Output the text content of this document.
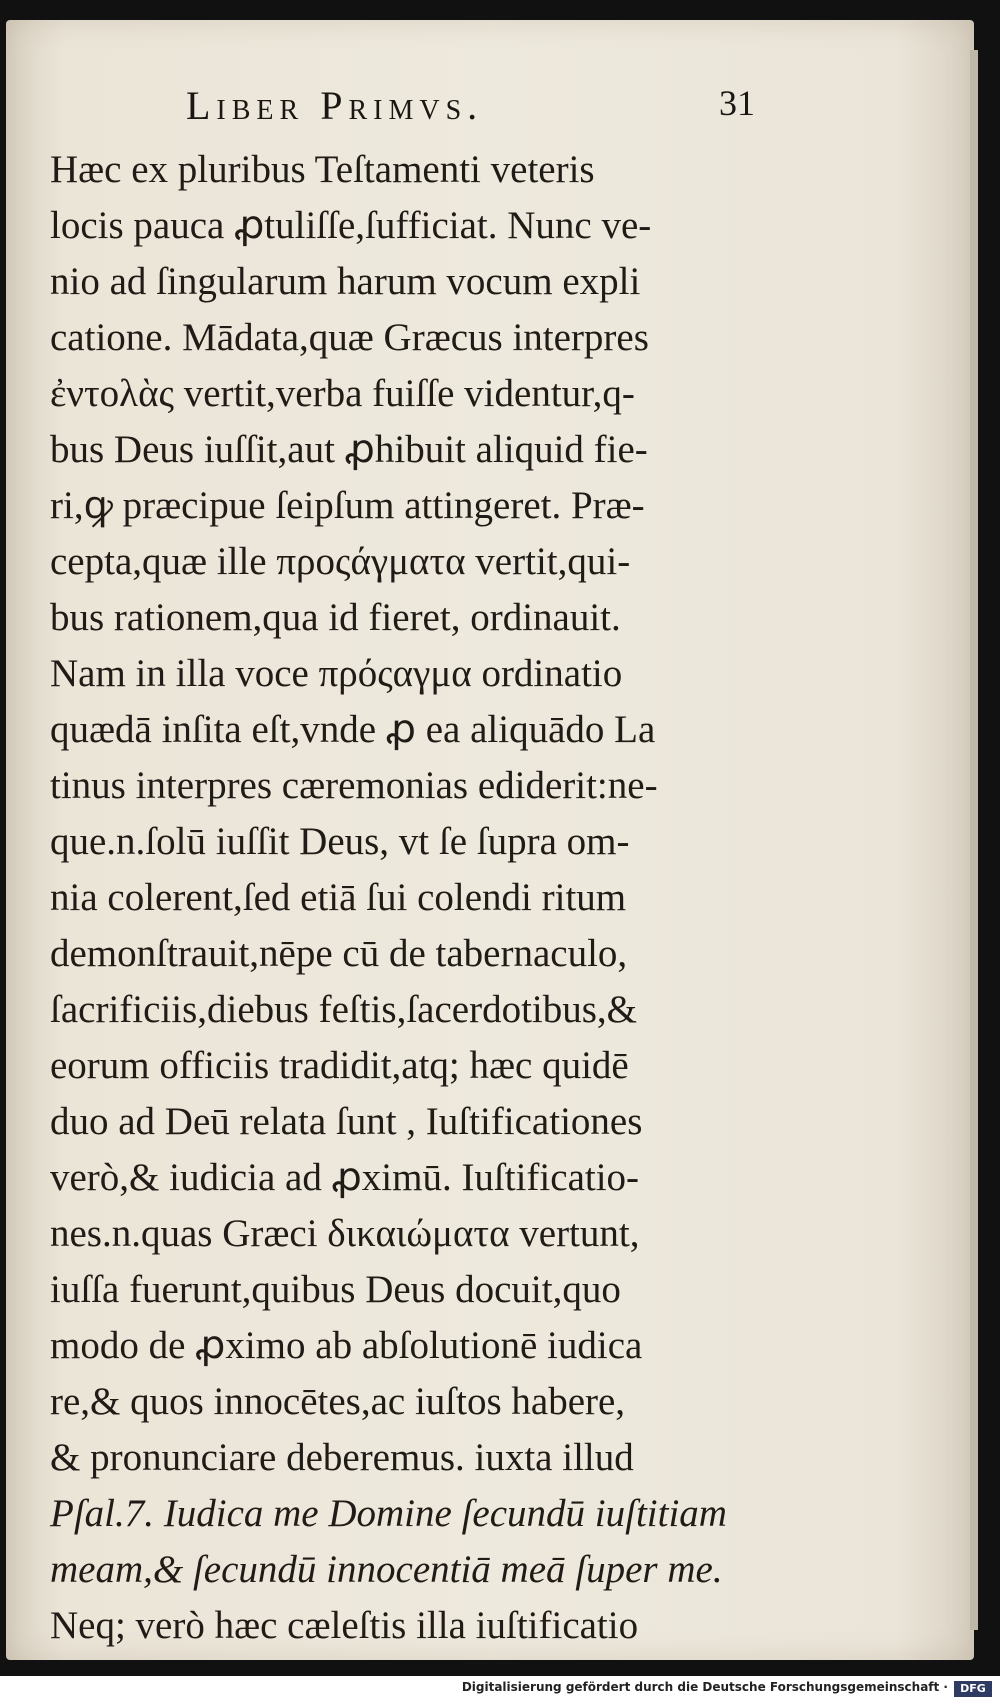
Liber Primvs.	31
Hæc ex pluribus Teſtamenti veteris
locis pauca ꝓtuliſſe,ſufficiat. Nunc ve-
nio ad ſingularum harum vocum expli
catione. Mādata,quæ Græcus interpres
ἐντολὰς vertit,verba fuiſſe videntur,q-
bus Deus iuſſit,aut ꝓhibuit aliquid fie-
ri,ꝙ præcipue ſeipſum attingeret. Præ-
cepta,quæ ille προςάγματα vertit,qui-
bus rationem,qua id fieret, ordinauit.
Nam in illa voce πρόςαγμα ordinatio
quædā inſita eſt,vnde ꝓ ea aliquādo La
tinus interpres cæremonias ediderit:ne-
que.n.ſolū iuſſit Deus, vt ſe ſupra om-
nia colerent,ſed etiā ſui colendi ritum
demonſtrauit,nēpe cū de tabernaculo,
ſacrificiis,diebus feſtis,ſacerdotibus,&
eorum officiis tradidit,atq; hæc quidē
duo ad Deū relata ſunt , Iuſtificationes
verò,& iudicia ad ꝓximū. Iuſtificatio-
nes.n.quas Græci δικαιώματα vertunt,
iuſſa fuerunt,quibus Deus docuit,quo
modo de ꝓximo ab abſolutionē iudica
re,& quos innocētes,ac iuſtos habere,
& pronunciare deberemus. iuxta illud
Pſal.7. Iudica me Domine ſecundū iuſtitiam
meam,& ſecundū innocentiā meā ſuper me.
Neq; verò hæc cæleſtis illa iuſtificatio
Digitalisierung gefördert durch die Deutsche Forschungsgemeinschaft ·	DFG
